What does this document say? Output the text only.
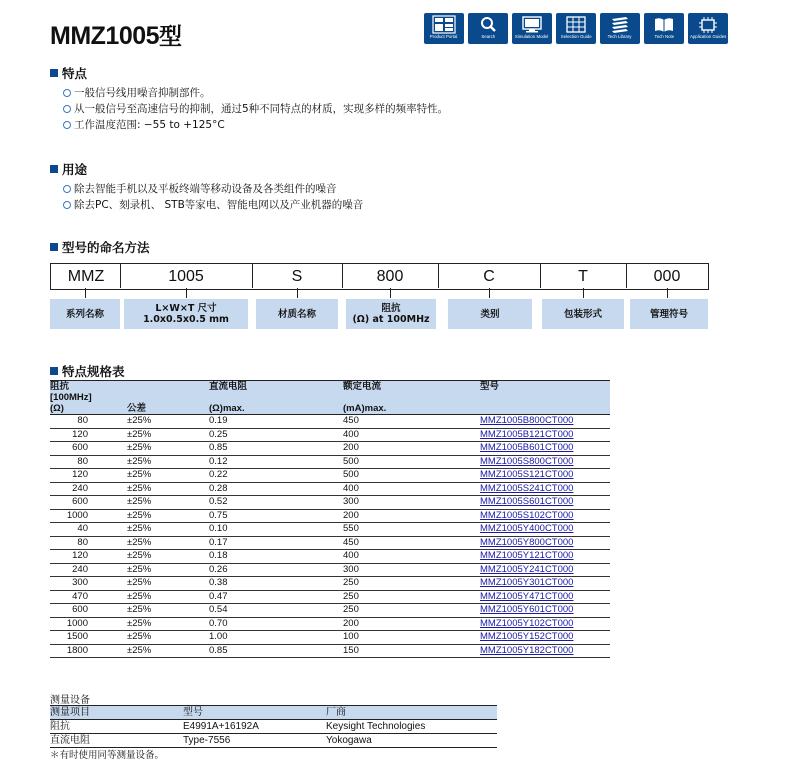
MMZ1005型	Product Portal	Search	Simulation Model	Selection Guide	Tech Library	Tech Note	Application Guides
特点
一般信号线用噪音抑制部件。
从一般信号至高速信号的抑制，通过5种不同特点的材质，实现多样的频率特性。
工作温度范围: −55 to +125°C
用途
除去智能手机以及平板终端等移动设备及各类组件的噪音
除去PC、刻录机、 STB等家电、智能电网以及产业机器的噪音
型号的命名方法
MMZ	1005	S	800	C	T	000
系列名称	L×W×T 尺寸
1.0x0.5x0.5 mm	材质名称	阻抗
(Ω) at 100MHz	类别	包装形式	管理符号
特点规格表
阻抗		直流电阻	额定电流	型号
[100MHz]				
(Ω)	公差	(Ω)max.	(mA)max.	
80	±25%	0.19	450	MMZ1005B800CT000
120	±25%	0.25	400	MMZ1005B121CT000
600	±25%	0.85	200	MMZ1005B601CT000
80	±25%	0.12	500	MMZ1005S800CT000
120	±25%	0.22	500	MMZ1005S121CT000
240	±25%	0.28	400	MMZ1005S241CT000
600	±25%	0.52	300	MMZ1005S601CT000
1000	±25%	0.75	200	MMZ1005S102CT000
40	±25%	0.10	550	MMZ1005Y400CT000
80	±25%	0.17	450	MMZ1005Y800CT000
120	±25%	0.18	400	MMZ1005Y121CT000
240	±25%	0.26	300	MMZ1005Y241CT000
300	±25%	0.38	250	MMZ1005Y301CT000
470	±25%	0.47	250	MMZ1005Y471CT000
600	±25%	0.54	250	MMZ1005Y601CT000
1000	±25%	0.70	200	MMZ1005Y102CT000
1500	±25%	1.00	100	MMZ1005Y152CT000
1800	±25%	0.85	150	MMZ1005Y182CT000
测量设备
测量项目	型号	厂商
阻抗	E4991A+16192A	Keysight Technologies
直流电阻	Type-7556	Yokogawa
＊有时使用同等测量设备。
